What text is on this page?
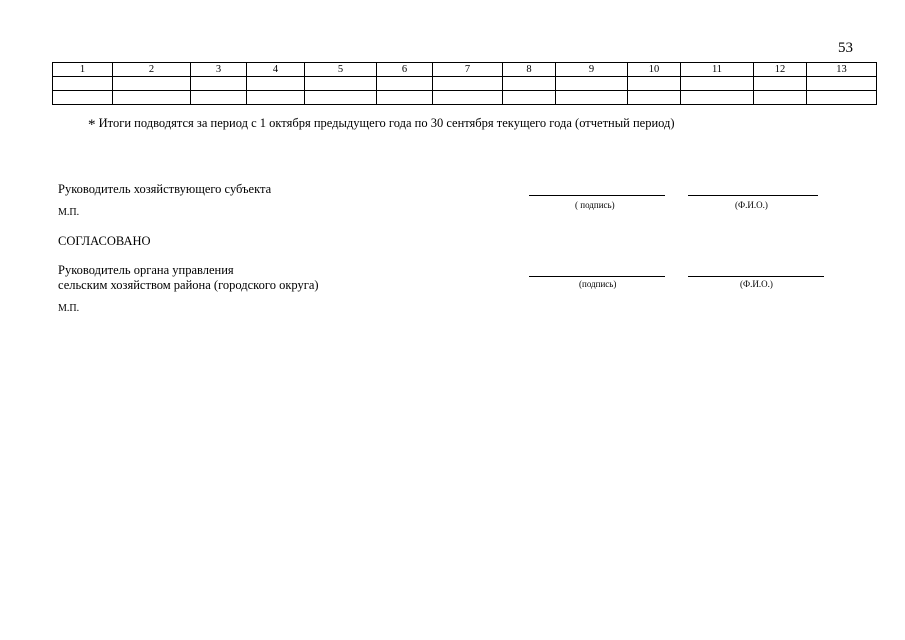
53
1	2	3	4	5	6	7	8	9	10	11	12	13

* Итоги подводятся за период с 1 октября предыдущего года по 30 сентября текущего года (отчетный период)
Руководитель хозяйствующего субъекта
М.П.
( подпись)	(Ф.И.О.)
СОГЛАСОВАНО
Руководитель органа управления
сельским хозяйством района (городского округа)
М.П.
(подпись)	(Ф.И.О.)
